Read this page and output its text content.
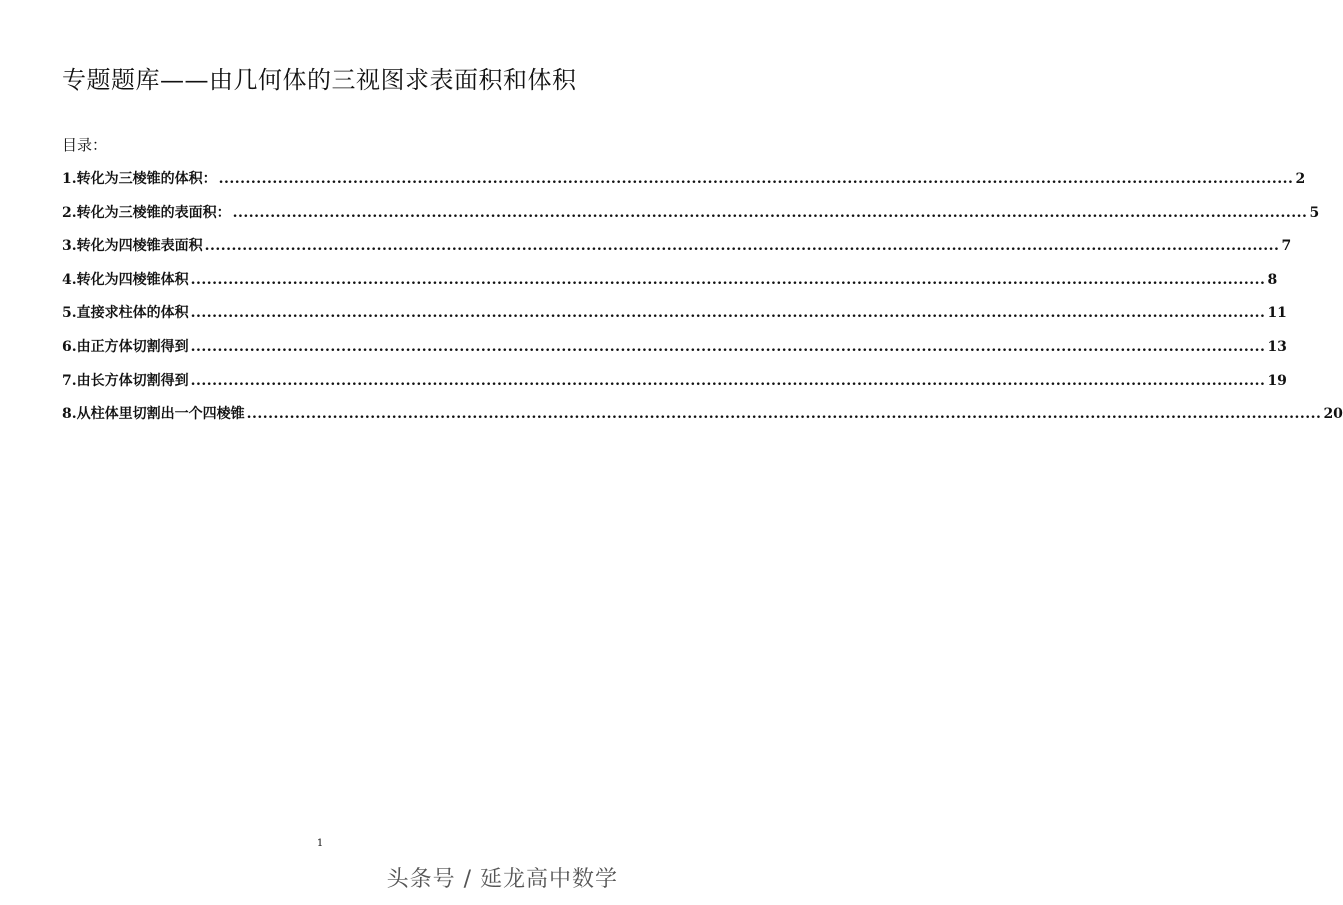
专题题库——由几何体的三视图求表面积和体积
目录：
1.转化为三棱锥的体积： ........................................................................................................................................................................................................ 2
2.转化为三棱锥的表面积： ........................................................................................................................................................................................................ 5
3.转化为四棱锥表面积 ........................................................................................................................................................................................................ 7
4.转化为四棱锥体积 ........................................................................................................................................................................................................ 8
5.直接求柱体的体积 ........................................................................................................................................................................................................ 11
6.由正方体切割得到 ........................................................................................................................................................................................................ 13
7.由长方体切割得到 ........................................................................................................................................................................................................ 19
8.从柱体里切割出一个四棱锥 ........................................................................................................................................................................................................ 20
1
头条号 / 延龙高中数学
